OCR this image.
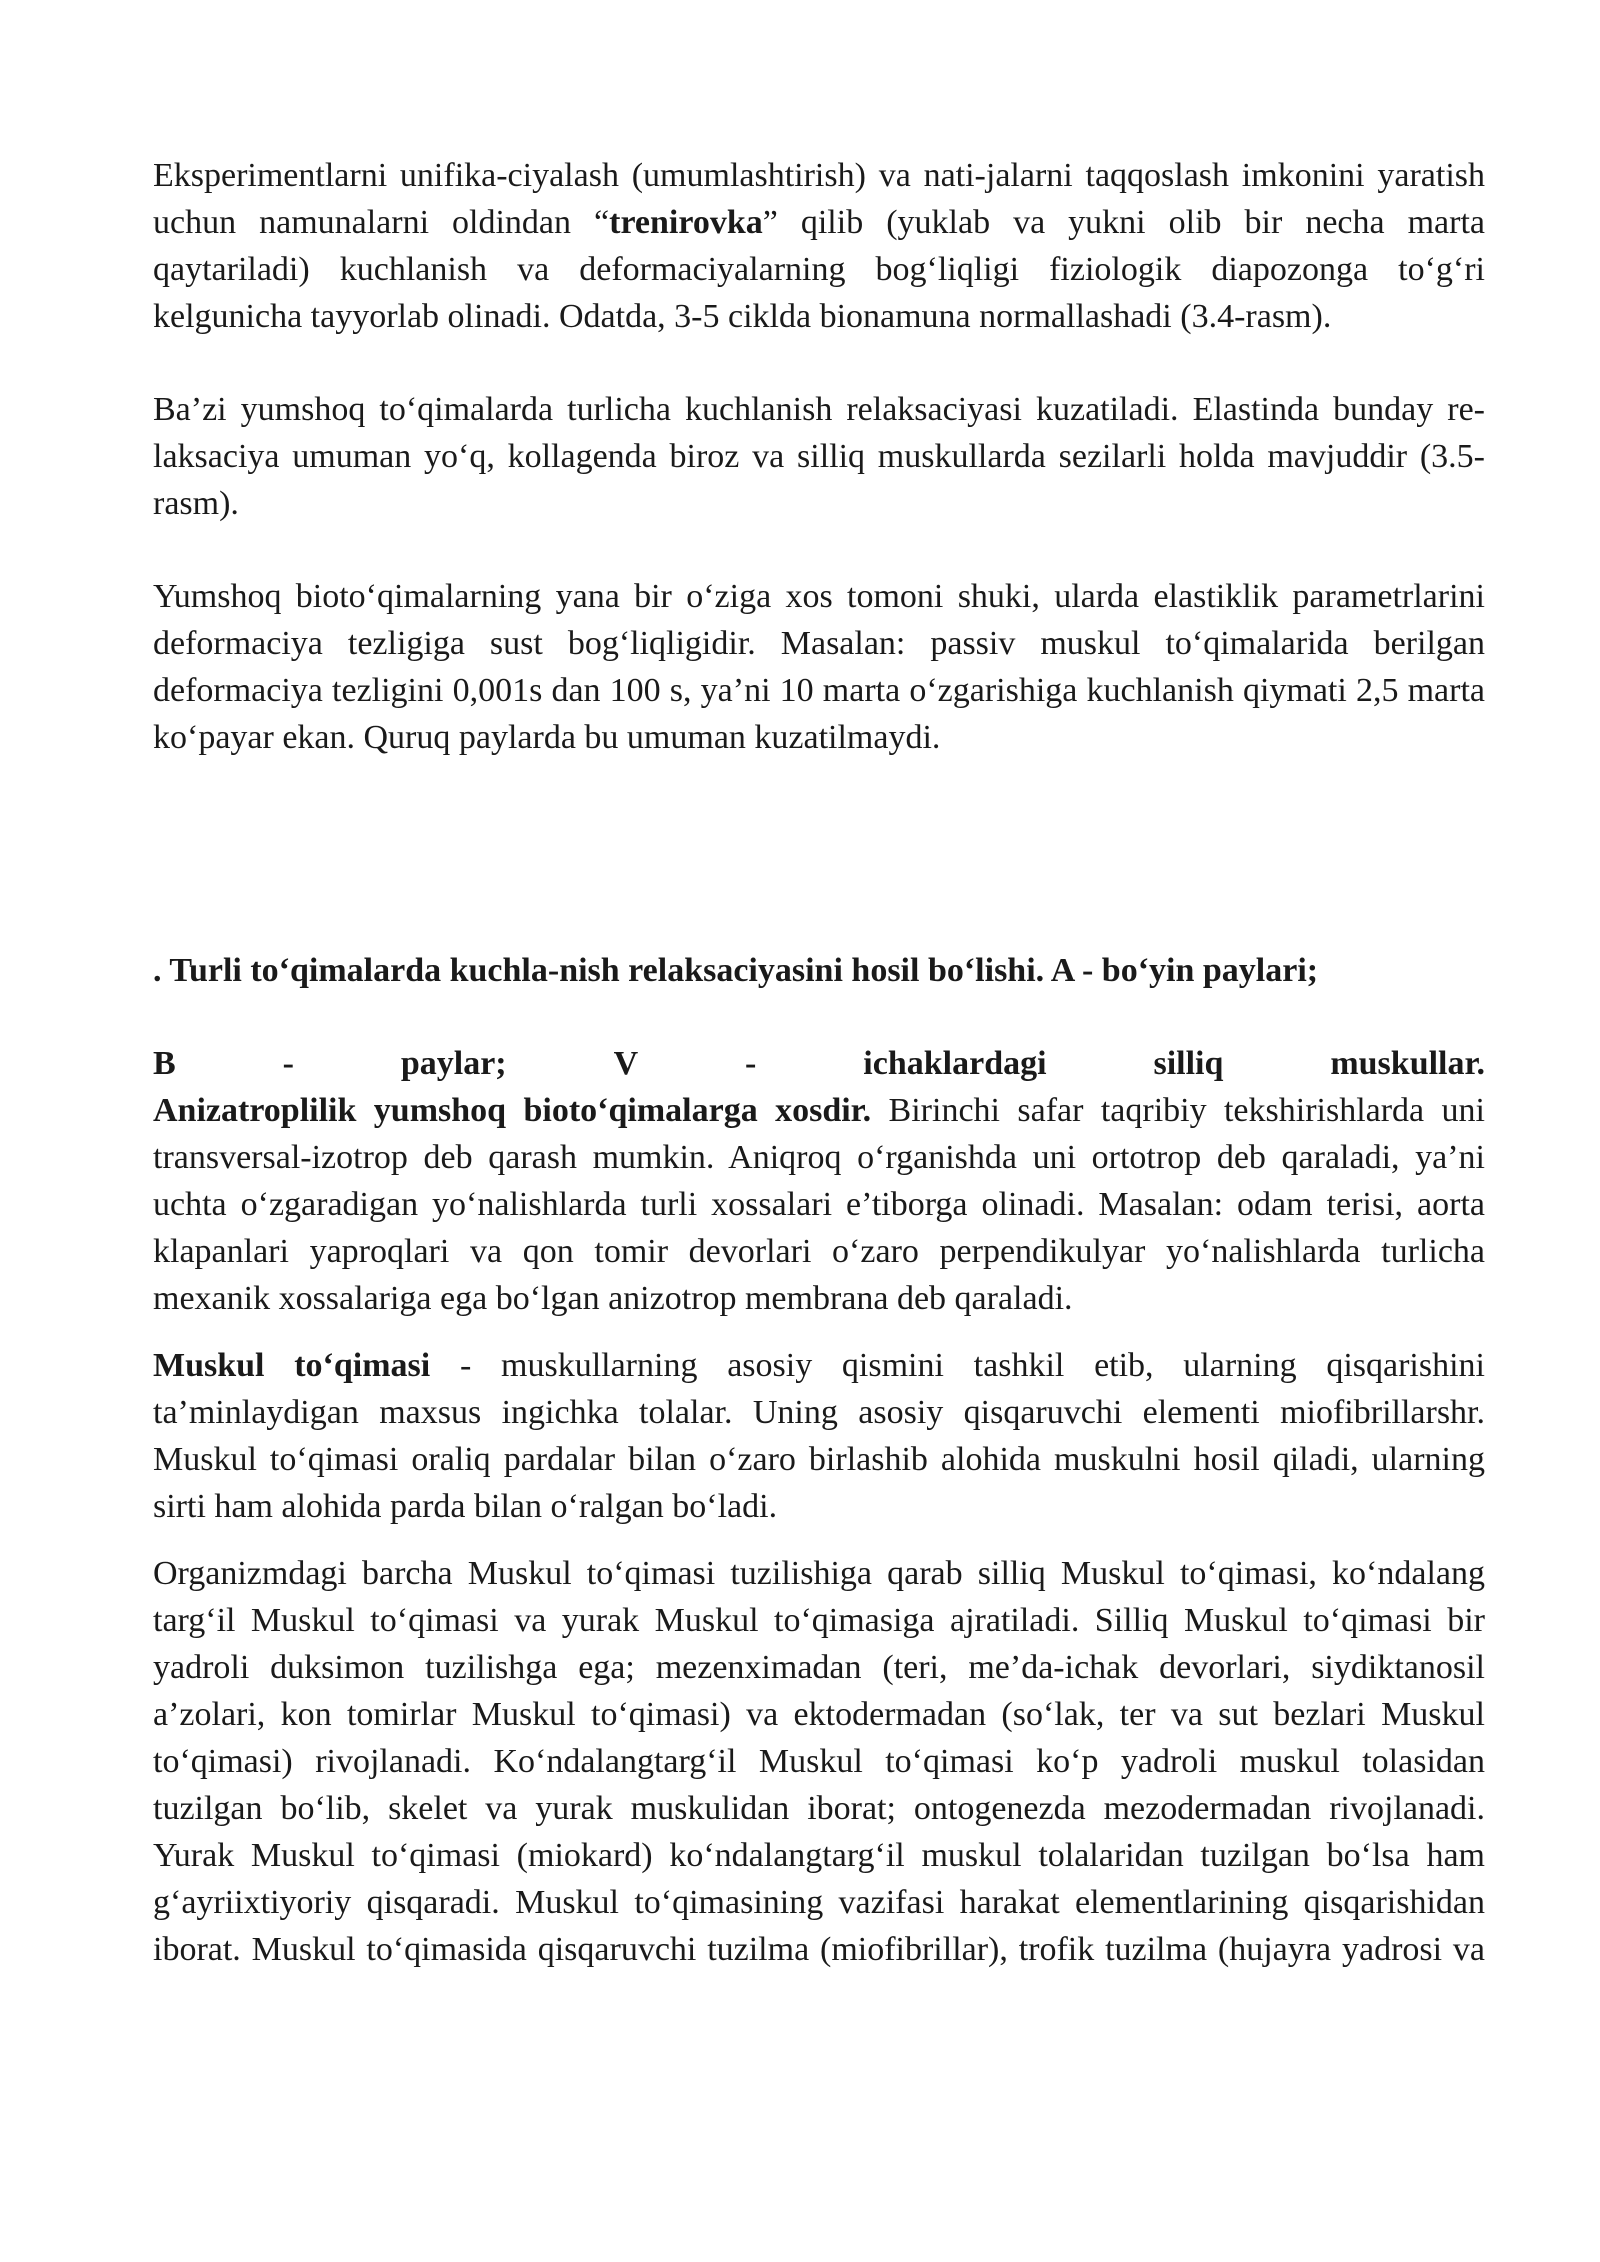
Eksperimentlarni unifika-ciyalash (umumlashtirish) va nati-jalarni taqqoslash imkonini yaratish uchun namunalarni oldindan “trenirovka” qilib (yuklab va yukni olib bir necha marta qaytariladi) kuchlanish va deformaciyalarning bog‘liqligi fiziologik diapozonga to‘g‘ri kelgunicha tayyorlab olinadi. Odatda, 3-5 ciklda bionamuna normallashadi (3.4-rasm).

Ba’zi yumshoq to‘qimalarda turlicha kuchlanish relaksaciyasi kuzatiladi. Elastinda bunday re-laksaciya umuman yo‘q, kollagenda biroz va silliq muskullarda sezilarli holda mavjuddir (3.5-rasm).

Yumshoq bioto‘qimalarning yana bir o‘ziga xos tomoni shuki, ularda elastiklik parametrlarini deformaciya tezligiga sust bog‘liqligidir. Masalan: passiv muskul to‘qimalarida berilgan deformaciya tezligini 0,001s dan 100 s, ya’ni 10 marta o‘zgarishiga kuchlanish qiymati 2,5 marta ko‘payar ekan. Quruq paylarda bu umuman kuzatilmaydi.

. Turli to‘qimalarda kuchla-nish relaksaciyasini hosil bo‘lishi. A - bo‘yin paylari;

B	-	paylar;	V	-	ichaklardagi	silliq	muskullar.

Anizatroplilik yumshoq bioto‘qimalarga xosdir. Birinchi safar taqribiy tekshirishlarda uni transversal-izotrop deb qarash mumkin. Aniqroq o‘rganishda uni ortotrop deb qaraladi, ya’ni uchta o‘zgaradigan yo‘nalishlarda turli xossalari e’tiborga olinadi. Masalan: odam terisi, aorta klapanlari yaproqlari va qon tomir devorlari o‘zaro perpendikulyar yo‘nalishlarda turlicha mexanik xossalariga ega bo‘lgan anizotrop membrana deb qaraladi.

Muskul to‘qimasi - muskullarning asosiy qismini tashkil etib, ularning qisqarishini ta’minlaydigan maxsus ingichka tolalar. Uning asosiy qisqaruvchi elementi miofibrillarshr. Muskul to‘qimasi oraliq pardalar bilan o‘zaro birlashib alohida muskulni hosil qiladi, ularning sirti ham alohida parda bilan o‘ralgan bo‘ladi.

Organizmdagi barcha Muskul to‘qimasi tuzilishiga qarab silliq Muskul to‘qimasi, ko‘ndalang targ‘il Muskul to‘qimasi va yurak Muskul to‘qimasiga ajratiladi. Silliq Muskul to‘qimasi bir yadroli duksimon tuzilishga ega; mezenximadan (teri, me’da-ichak devorlari, siydiktanosil a’zolari, kon tomirlar Muskul to‘qimasi) va ektodermadan (so‘lak, ter va sut bezlari Muskul to‘qimasi) rivojlanadi. Ko‘ndalangtarg‘il Muskul to‘qimasi ko‘p yadroli muskul tolasidan tuzilgan bo‘lib, skelet va yurak muskulidan iborat; ontogenezda mezodermadan rivojlanadi. Yurak Muskul to‘qimasi (miokard) ko‘ndalangtarg‘il muskul tolalaridan tuzilgan bo‘lsa ham g‘ayriixtiyoriy qisqaradi. Muskul to‘qimasining vazifasi harakat elementlarining qisqarishidan iborat. Muskul to‘qimasida qisqaruvchi tuzilma (miofibrillar), trofik tuzilma (hujayra yadrosi va
